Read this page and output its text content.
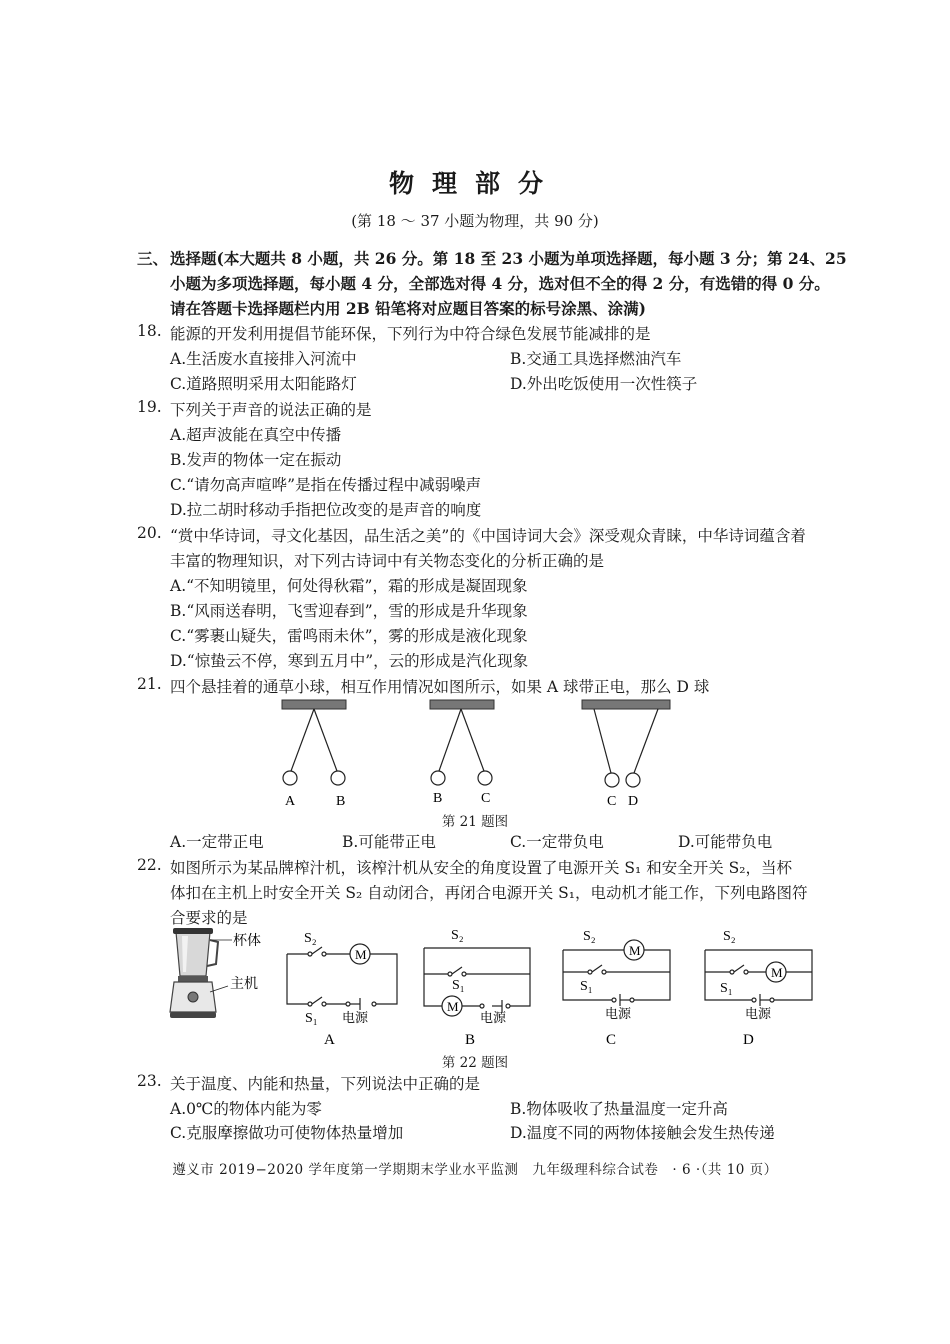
物理部分
(第 18 ～ 37 小题为物理，共 90 分)
三、 选择题(本大题共 8 小题，共 26 分。第 18 至 23 小题为单项选择题，每小题 3 分；第 24、25
小题为多项选择题，每小题 4 分，全部选对得 4 分，选对但不全的得 2 分，有选错的得 0 分。
请在答题卡选择题栏内用 2B 铅笔将对应题目答案的标号涂黑、涂满)
18. 能源的开发利用提倡节能环保，下列行为中符合绿色发展节能减排的是
A.生活废水直接排入河流中	B.交通工具选择燃油汽车
C.道路照明采用太阳能路灯	D.外出吃饭使用一次性筷子
19. 下列关于声音的说法正确的是
A.超声波能在真空中传播
B.发声的物体一定在振动
C.“请勿高声喧哗”是指在传播过程中减弱噪声
D.拉二胡时移动手指把位改变的是声音的响度
20. “赏中华诗词，寻文化基因，品生活之美”的《中国诗词大会》深受观众青睐，中华诗词蕴含着
丰富的物理知识，对下列古诗词中有关物态变化的分析正确的是
A.“不知明镜里，何处得秋霜”，霜的形成是凝固现象
B.“风雨送春明，飞雪迎春到”，雪的形成是升华现象
C.“雾裹山疑失，雷鸣雨未休”，雾的形成是液化现象
D.“惊蛰云不停，寒到五月中”，云的形成是汽化现象
21. 四个悬挂着的通草小球，相互作用情况如图所示，如果 A 球带正电，那么 D 球
A	B	B	C	C D
第 21 题图
A.一定带正电	B.可能带正电	C.一定带负电	D.可能带负电
22. 如图所示为某品牌榨汁机，该榨汁机从安全的角度设置了电源开关 S₁ 和安全开关 S₂，当杯
体扣在主机上时安全开关 S₂ 自动闭合，再闭合电源开关 S₁，电动机才能工作，下列电路图符
合要求的是
杯体
主机
S₂
M
S₁ 电源
A
S₂
S₁
M
电源
B
S₂
M
S₁
电源
C
S₂
M
S₁
电源
D
第 22 题图
23. 关于温度、内能和热量，下列说法中正确的是
A.0℃的物体内能为零	B.物体吸收了热量温度一定升高
C.克服摩擦做功可使物体热量增加	D.温度不同的两物体接触会发生热传递
遵义市 2019−2020 学年度第一学期期末学业水平监测　九年级理科综合试卷　· 6 ·（共 10 页）
